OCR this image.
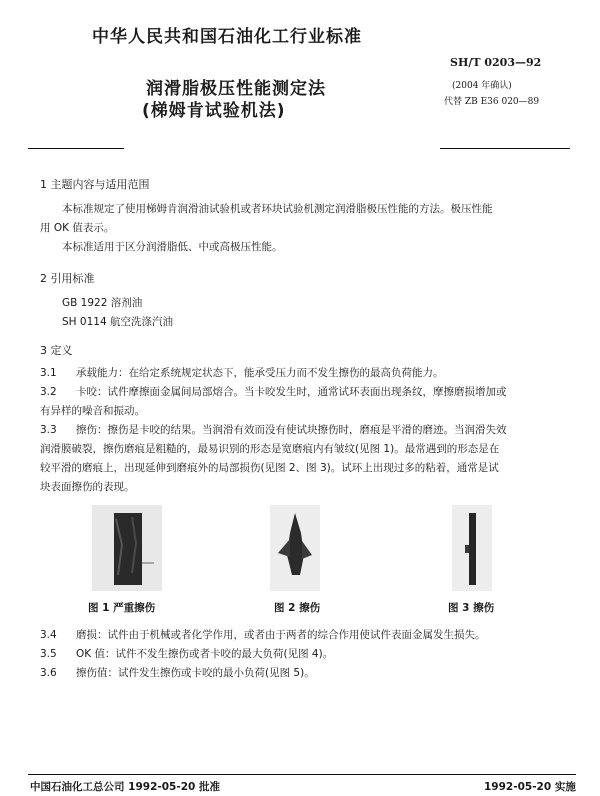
中华人民共和国石油化工行业标准
润滑脂极压性能测定法
(梯姆肯试验机法)
SH/T 0203—92
(2004 年确认)
代替 ZB E36 020—89
1 主题内容与适用范围
本标准规定了使用梯姆肯润滑油试验机或者环块试验机测定润滑脂极压性能的方法。极压性能
用 OK 值表示。
本标准适用于区分润滑脂低、中或高极压性能。
2 引用标准
GB 1922 溶剂油
SH 0114 航空洗涤汽油
3 定义
3.1 承载能力：在给定系统规定状态下，能承受压力而不发生擦伤的最高负荷能力。
3.2 卡咬：试件摩擦面金属间局部熔合。当卡咬发生时，通常试环表面出现条纹，摩擦磨损增加或
有异样的噪音和振动。
3.3 擦伤：擦伤是卡咬的结果。当润滑有效而没有使试块擦伤时，磨痕是平滑的磨迹。当润滑失效
润滑膜破裂，擦伤磨痕是粗糙的，最易识别的形态是宽磨痕内有皱纹(见图 1)。最常遇到的形态是在
较平滑的磨痕上，出现延伸到磨痕外的局部损伤(见图 2、图 3)。试环上出现过多的粘着，通常是试
块表面擦伤的表现。
图 1 严重擦伤	图 2 擦伤	图 3 擦伤
3.4 磨损：试件由于机械或者化学作用，或者由于两者的综合作用使试件表面金属发生损失。
3.5 OK 值：试件不发生擦伤或者卡咬的最大负荷(见图 4)。
3.6 擦伤值：试件发生擦伤或卡咬的最小负荷(见图 5)。
中国石油化工总公司 1992-05-20 批准	1992-05-20 实施
